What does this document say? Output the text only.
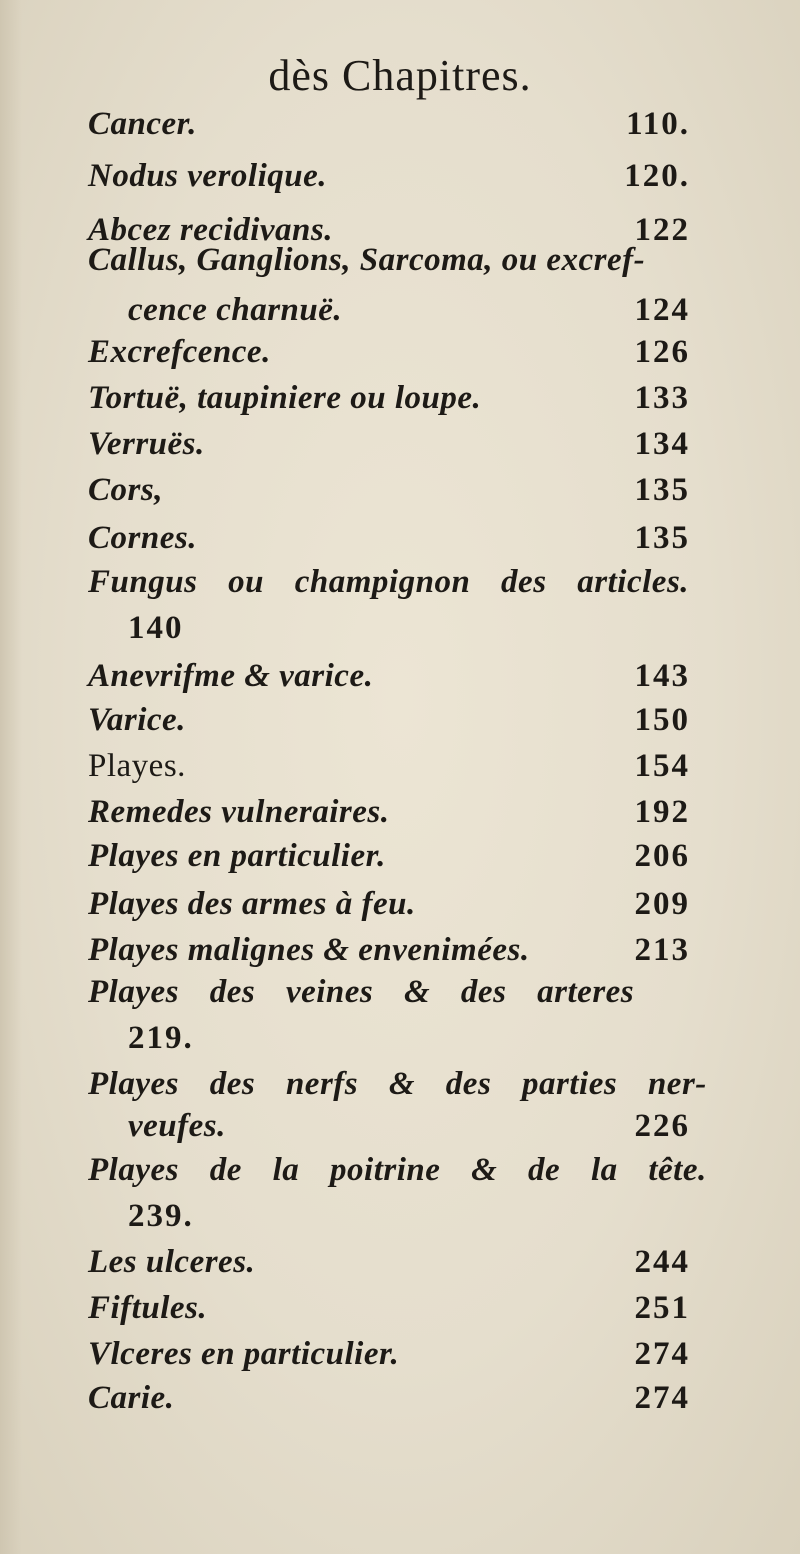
dès Chapitres.
Cancer.	110.
Nodus verolique.	120.
Abcez recidivans.	122
Callus, Ganglions, Sarcoma, ou excref-
cence charnuë.	124
Excrefcence.	126
Tortuë, taupiniere ou loupe.	133
Verruës.	134
Cors,	135
Cornes.	135
Fungus ou champignon des articles.
140
Anevrifme & varice.	143
Varice.	150
Playes.	154
Remedes vulneraires.	192
Playes en particulier.	206
Playes des armes à feu.	209
Playes malignes & envenimées.	213
Playes des veines & des arteres
219.
Playes des nerfs & des parties ner-
veufes.	226
Playes de la poitrine & de la tête.
239.
Les ulceres.	244
Fiftules.	251
Vlceres en particulier.	274
Carie.	274
